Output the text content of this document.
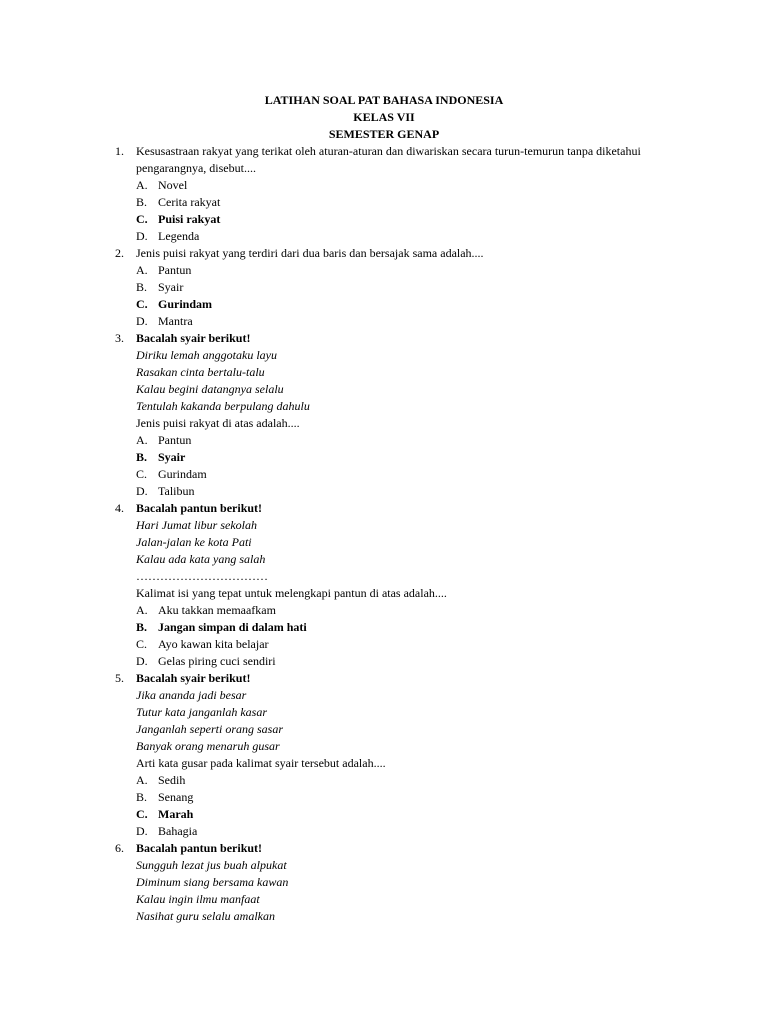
LATIHAN SOAL PAT BAHASA INDONESIA
KELAS VII
SEMESTER GENAP
1. Kesusastraan rakyat yang terikat oleh aturan-aturan dan diwariskan secara turun-temurun tanpa diketahui pengarangnya, disebut....
A. Novel
B. Cerita rakyat
C. Puisi rakyat
D. Legenda
2. Jenis puisi rakyat yang terdiri dari dua baris dan bersajak sama adalah....
A. Pantun
B. Syair
C. Gurindam
D. Mantra
3. Bacalah syair berikut!
Diriku lemah anggotaku layu
Rasakan cinta bertalu-talu
Kalau begini datangnya selalu
Tentulah kakanda berpulang dahulu
Jenis puisi rakyat di atas adalah....
A. Pantun
B. Syair
C. Gurindam
D. Talibun
4. Bacalah pantun berikut!
Hari Jumat libur sekolah
Jalan-jalan ke kota Pati
Kalau ada kata yang salah
……………………………
Kalimat isi yang tepat untuk melengkapi pantun di atas adalah....
A. Aku takkan memaafkam
B. Jangan simpan di dalam hati
C. Ayo kawan kita belajar
D. Gelas piring cuci sendiri
5. Bacalah syair berikut!
Jika ananda jadi besar
Tutur kata janganlah kasar
Janganlah seperti orang sasar
Banyak orang menaruh gusar
Arti kata gusar pada kalimat syair tersebut adalah....
A. Sedih
B. Senang
C. Marah
D. Bahagia
6. Bacalah pantun berikut!
Sungguh lezat jus buah alpukat
Diminum siang bersama kawan
Kalau ingin ilmu manfaat
Nasihat guru selalu amalkan
